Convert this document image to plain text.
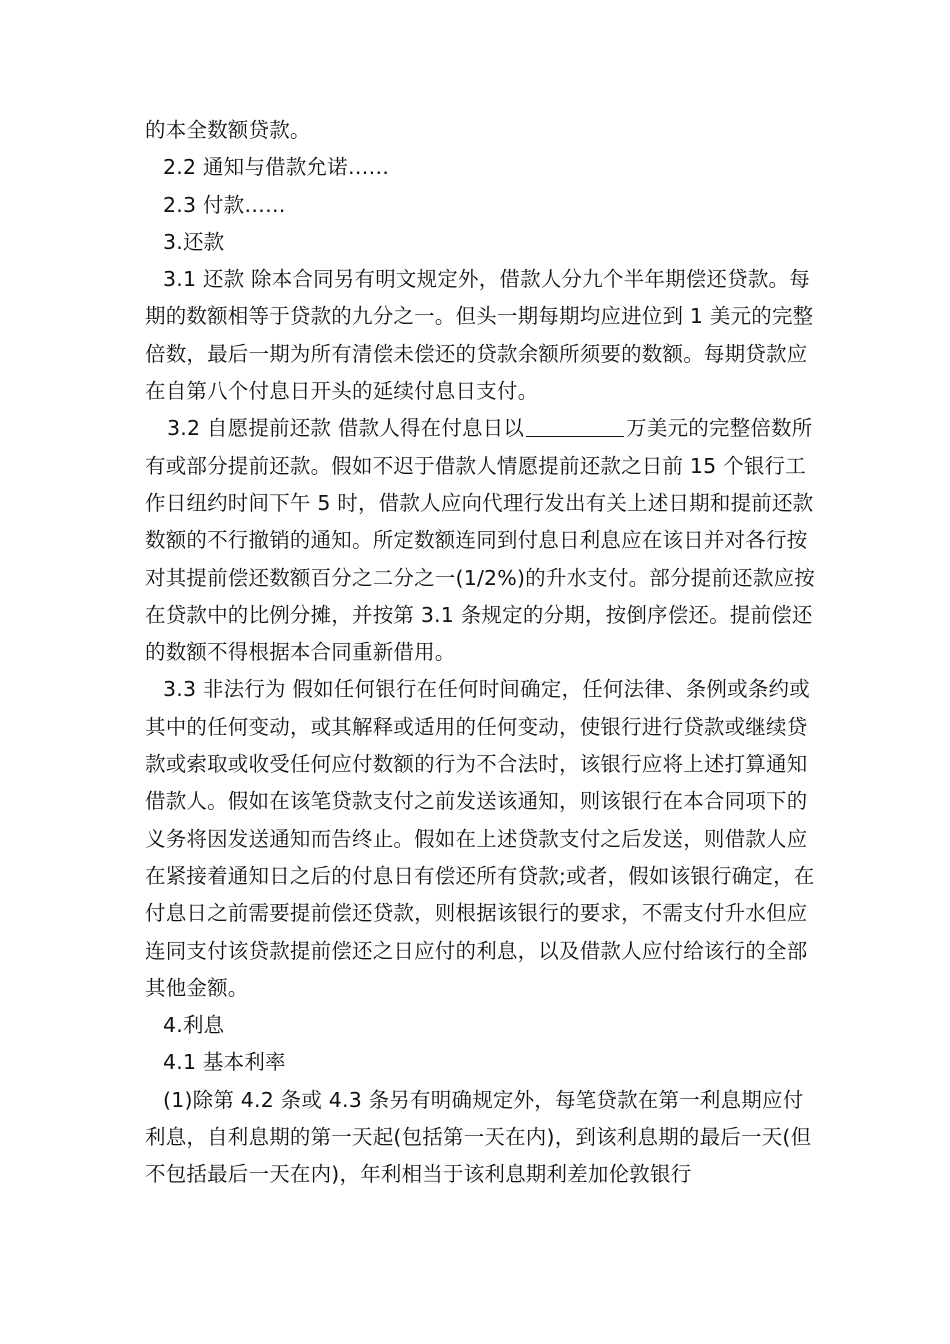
的本全数额贷款。

2.2 通知与借款允诺……

2.3 付款……

3.还款

3.1 还款 除本合同另有明文规定外，借款人分九个半年期偿还贷款。每期的数额相等于贷款的九分之一。但头一期每期均应进位到 1 美元的完整倍数，最后一期为所有清偿未偿还的贷款余额所须要的数额。每期贷款应在自第八个付息日开头的延续付息日支付。

3.2 自愿提前还款 借款人得在付息日以	万美元的完整倍数所有或部分提前还款。假如不迟于借款人情愿提前还款之日前 15 个银行工作日纽约时间下午 5 时，借款人应向代理行发出有关上述日期和提前还款数额的不行撤销的通知。所定数额连同到付息日利息应在该日并对各行按对其提前偿还数额百分之二分之一(1/2%)的升水支付。部分提前还款应按在贷款中的比例分摊，并按第 3.1 条规定的分期，按倒序偿还。提前偿还的数额不得根据本合同重新借用。

3.3 非法行为 假如任何银行在任何时间确定，任何法律、条例或条约或其中的任何变动，或其解释或适用的任何变动，使银行进行贷款或继续贷款或索取或收受任何应付数额的行为不合法时，该银行应将上述打算通知借款人。假如在该笔贷款支付之前发送该通知，则该银行在本合同项下的义务将因发送通知而告终止。假如在上述贷款支付之后发送，则借款人应在紧接着通知日之后的付息日有偿还所有贷款;或者，假如该银行确定，在付息日之前需要提前偿还贷款，则根据该银行的要求，不需支付升水但应连同支付该贷款提前偿还之日应付的利息，以及借款人应付给该行的全部其他金额。

4.利息

4.1 基本利率

(1)除第 4.2 条或 4.3 条另有明确规定外，每笔贷款在第一利息期应付利息，自利息期的第一天起(包括第一天在内)，到该利息期的最后一天(但不包括最后一天在内)，年利相当于该利息期利差加伦敦银行
